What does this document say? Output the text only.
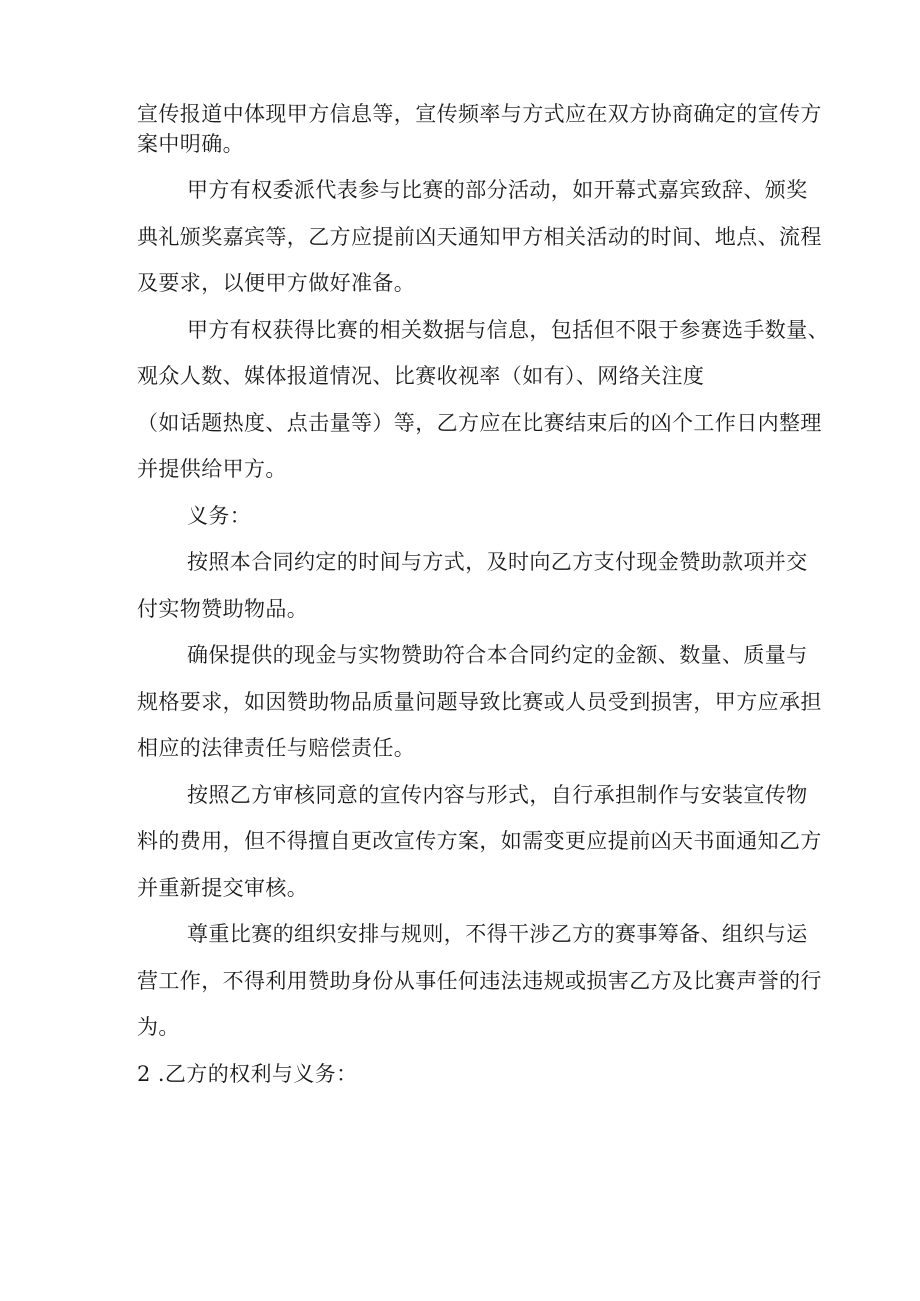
宣传报道中体现甲方信息等，宣传频率与方式应在双方协商确定的宣传方
案中明确。
甲方有权委派代表参与比赛的部分活动，如开幕式嘉宾致辞、颁奖
典礼颁奖嘉宾等，乙方应提前凶天通知甲方相关活动的时间、地点、流程
及要求，以便甲方做好准备。
甲方有权获得比赛的相关数据与信息，包括但不限于参赛选手数量、
观众人数、媒体报道情况、比赛收视率（如有）、网络关注度
（如话题热度、点击量等）等，乙方应在比赛结束后的凶个工作日内整理
并提供给甲方。
义务：
按照本合同约定的时间与方式，及时向乙方支付现金赞助款项并交
付实物赞助物品。
确保提供的现金与实物赞助符合本合同约定的金额、数量、质量与
规格要求，如因赞助物品质量问题导致比赛或人员受到损害，甲方应承担
相应的法律责任与赔偿责任。
按照乙方审核同意的宣传内容与形式，自行承担制作与安装宣传物
料的费用，但不得擅自更改宣传方案，如需变更应提前凶天书面通知乙方
并重新提交审核。
尊重比赛的组织安排与规则，不得干涉乙方的赛事筹备、组织与运
营工作，不得利用赞助身份从事任何违法违规或损害乙方及比赛声誉的行
为。
2 .乙方的权利与义务：
